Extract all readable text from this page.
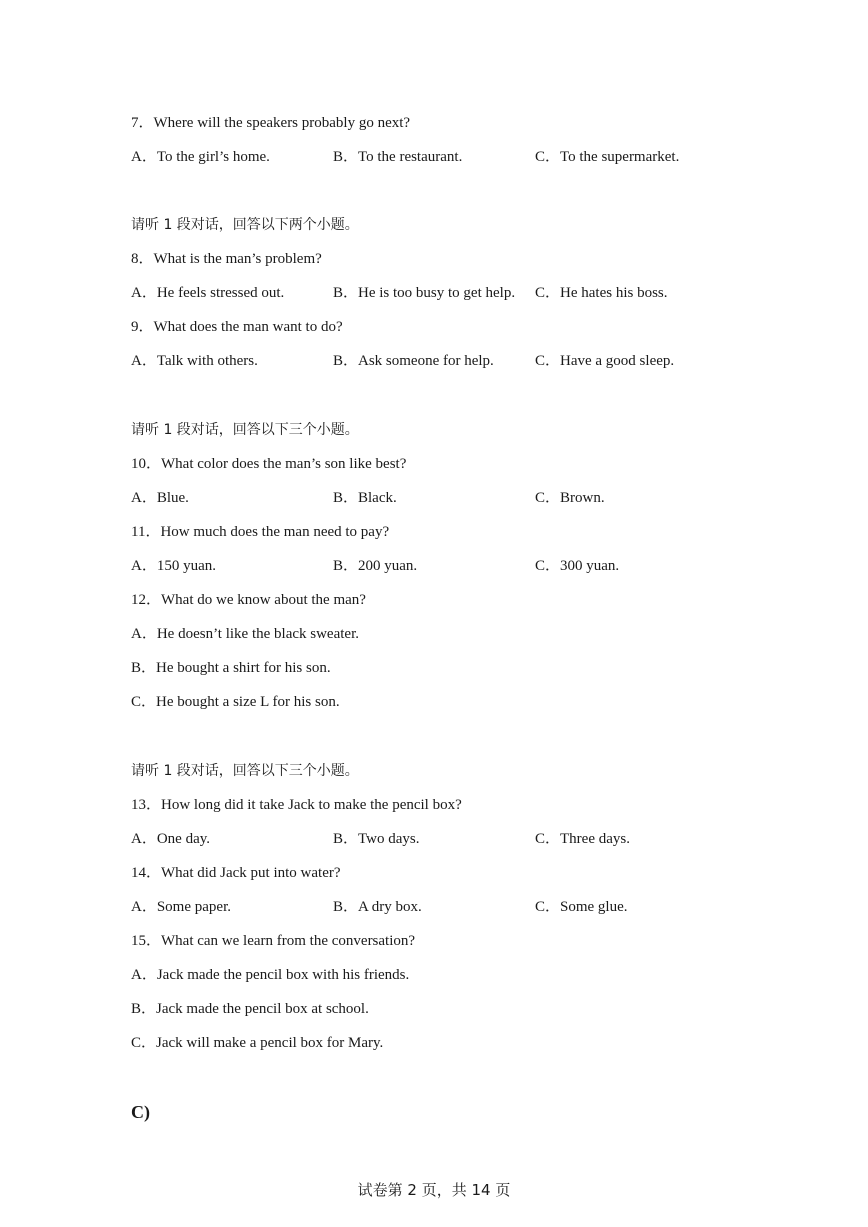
7．Where will the speakers probably go next?
A．To the girl’s home.	B．To the restaurant.	C．To the supermarket.
请听 1 段对话，回答以下两个小题。
8．What is the man’s problem?
A．He feels stressed out.	B．He is too busy to get help. C．He hates his boss.
9．What does the man want to do?
A．Talk with others.	B．Ask someone for help.	C．Have a good sleep.
请听 1 段对话，回答以下三个小题。
10．What color does the man’s son like best?
A．Blue.	B．Black.	C．Brown.
11．How much does the man need to pay?
A．150 yuan.	B．200 yuan.	C．300 yuan.
12．What do we know about the man?
A．He doesn’t like the black sweater.
B．He bought a shirt for his son.
C．He bought a size L for his son.
请听 1 段对话，回答以下三个小题。
13．How long did it take Jack to make the pencil box?
A．One day.	B．Two days.	C．Three days.
14．What did Jack put into water?
A．Some paper.	B．A dry box.	C．Some glue.
15．What can we learn from the conversation?
A．Jack made the pencil box with his friends.
B．Jack made the pencil box at school.
C．Jack will make a pencil box for Mary.
C)
试卷第 2 页，共 14 页
